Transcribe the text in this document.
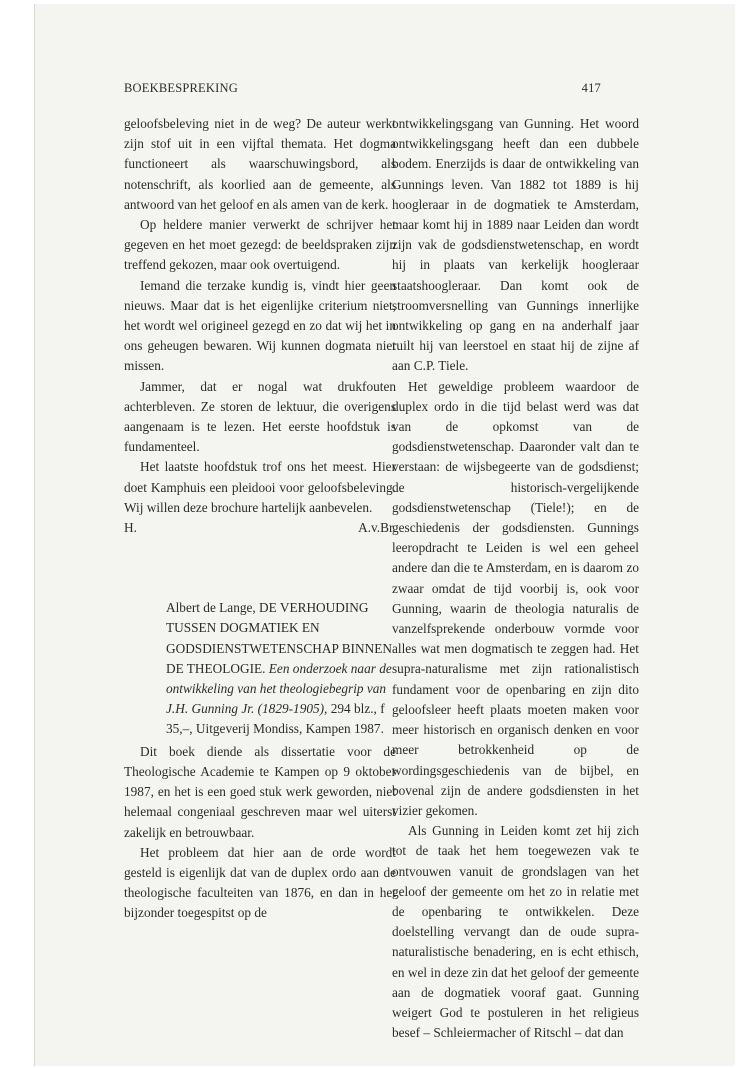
BOEKBESPREKING	417

geloofsbeleving niet in de weg? De auteur werkt zijn stof uit in een vijftal themata. Het dogma functioneert als waarschuwingsbord, als notenschrift, als koorlied aan de gemeente, als antwoord van het geloof en als amen van de kerk.

Op heldere manier verwerkt de schrijver het gegeven en het moet gezegd: de beeldspraken zijn treffend gekozen, maar ook overtuigend.

Iemand die terzake kundig is, vindt hier geen nieuws. Maar dat is het eigenlijke criterium niet, het wordt wel origineel gezegd en zo dat wij het in ons geheugen bewaren. Wij kunnen dogmata niet missen.

Jammer, dat er nogal wat drukfouten achterbleven. Ze storen de lektuur, die overigens aangenaam is te lezen. Het eerste hoofdstuk is fundamenteel.

Het laatste hoofdstuk trof ons het meest. Hier doet Kamphuis een pleidooi voor geloofsbeleving. Wij willen deze brochure hartelijk aanbevelen.

H.	A.v.Br.
Albert de Lange, DE VERHOUDING TUSSEN DOGMATIEK EN GODSDIENSTWETENSCHAP BINNEN DE THEOLOGIE. Een onderzoek naar de ontwikkeling van het theologiebegrip van J.H. Gunning Jr. (1829-1905), 294 blz., f 35,–, Uitgeverij Mondiss, Kampen 1987.

Dit boek diende als dissertatie voor de Theologische Academie te Kampen op 9 oktober 1987, en het is een goed stuk werk geworden, niet helemaal congeniaal geschreven maar wel uiterst zakelijk en betrouwbaar.

Het probleem dat hier aan de orde wordt gesteld is eigenlijk dat van de duplex ordo aan de theologische faculteiten van 1876, en dan in het bijzonder toegespitst op de

ontwikkelingsgang van Gunning. Het woord ontwikkelingsgang heeft dan een dubbele bodem. Enerzijds is daar de ontwikkeling van Gunnings leven. Van 1882 tot 1889 is hij hoogleraar in de dogmatiek te Amsterdam, maar komt hij in 1889 naar Leiden dan wordt zijn vak de godsdienstwetenschap, en wordt hij in plaats van kerkelijk hoogleraar staatshoogleraar. Dan komt ook de stroomversnelling van Gunnings innerlijke ontwikkeling op gang en na anderhalf jaar ruilt hij van leerstoel en staat hij de zijne af aan C.P. Tiele.

Het geweldige probleem waardoor de duplex ordo in die tijd belast werd was dat van de opkomst van de godsdienstwetenschap. Daaronder valt dan te verstaan: de wijsbegeerte van de godsdienst; de historisch-vergelijkende godsdienstwetenschap (Tiele!); en de geschiedenis der godsdiensten. Gunnings leeropdracht te Leiden is wel een geheel andere dan die te Amsterdam, en is daarom zo zwaar omdat de tijd voorbij is, ook voor Gunning, waarin de theologia naturalis de vanzelfsprekende onderbouw vormde voor alles wat men dogmatisch te zeggen had. Het supra-naturalisme met zijn rationalistisch fundament voor de openbaring en zijn dito geloofsleer heeft plaats moeten maken voor meer historisch en organisch denken en voor meer betrokkenheid op de wordingsgeschiedenis van de bijbel, en bovenal zijn de andere godsdiensten in het vizier gekomen.

Als Gunning in Leiden komt zet hij zich tot de taak het hem toegewezen vak te ontvouwen vanuit de grondslagen van het geloof der gemeente om het zo in relatie met de openbaring te ontwikkelen. Deze doelstelling vervangt dan de oude supra-naturalistische benadering, en is echt ethisch, en wel in deze zin dat het geloof der gemeente aan de dogmatiek vooraf gaat. Gunning weigert God te postuleren in het religieus besef – Schleiermacher of Ritschl – dat dan
